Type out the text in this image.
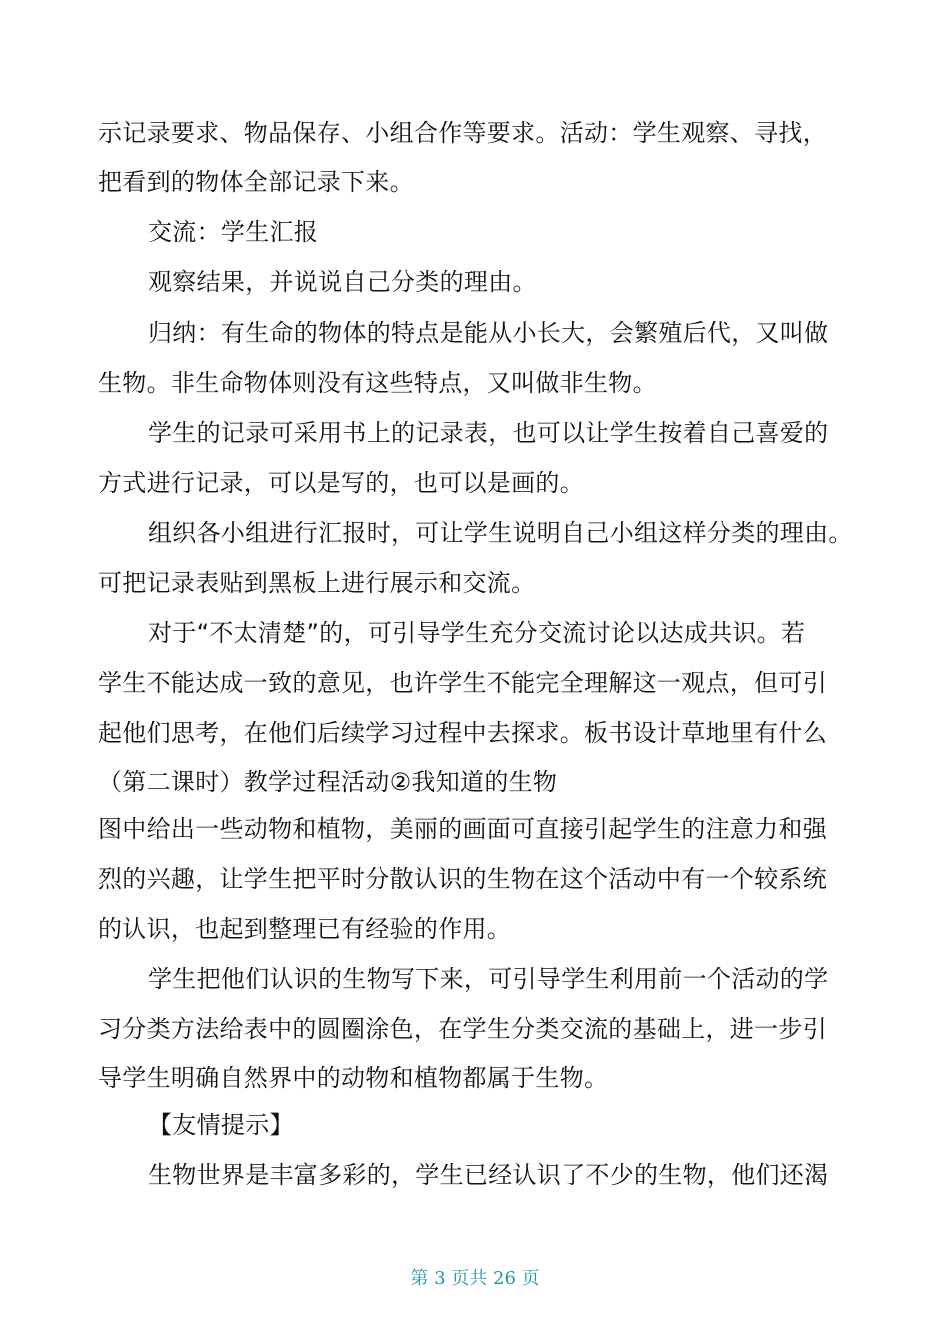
示记录要求、物品保存、小组合作等要求。活动：学生观察、寻找，
把看到的物体全部记录下来。
交流：学生汇报
观察结果，并说说自己分类的理由。
归纳：有生命的物体的特点是能从小长大，会繁殖后代，又叫做
生物。非生命物体则没有这些特点，又叫做非生物。
学生的记录可采用书上的记录表，也可以让学生按着自己喜爱的
方式进行记录，可以是写的，也可以是画的。
组织各小组进行汇报时，可让学生说明自己小组这样分类的理由。
可把记录表贴到黑板上进行展示和交流。
对于“不太清楚”的，可引导学生充分交流讨论以达成共识。若
学生不能达成一致的意见，也许学生不能完全理解这一观点，但可引
起他们思考，在他们后续学习过程中去探求。板书设计草地里有什么
（第二课时）教学过程活动②我知道的生物
图中给出一些动物和植物，美丽的画面可直接引起学生的注意力和强
烈的兴趣，让学生把平时分散认识的生物在这个活动中有一个较系统
的认识，也起到整理已有经验的作用。
学生把他们认识的生物写下来，可引导学生利用前一个活动的学
习分类方法给表中的圆圈涂色，在学生分类交流的基础上，进一步引
导学生明确自然界中的动物和植物都属于生物。
【友情提示】
生物世界是丰富多彩的，学生已经认识了不少的生物，他们还渴
第 3 页共 26 页
